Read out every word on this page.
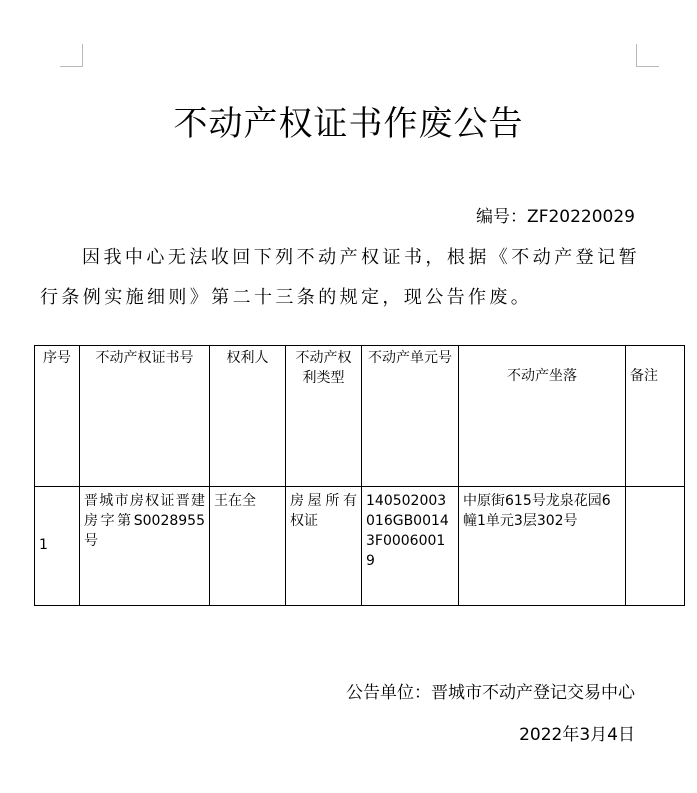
不动产权证书作废公告
编号：ZF20220029
因我中心无法收回下列不动产权证书，根据《不动产登记暂行条例实施细则》第二十三条的规定，现公告作废。
序号	不动产权证书号	权利人	不动产权利类型	不动产单元号	不动产坐落	备注
1	晋城市房权证晋建房字第S0028955号	王在全	房屋所有权证	140502003016GB00143F00060019	中原街615号龙泉花园6幢1单元3层302号	
公告单位：晋城市不动产登记交易中心
2022年3月4日
